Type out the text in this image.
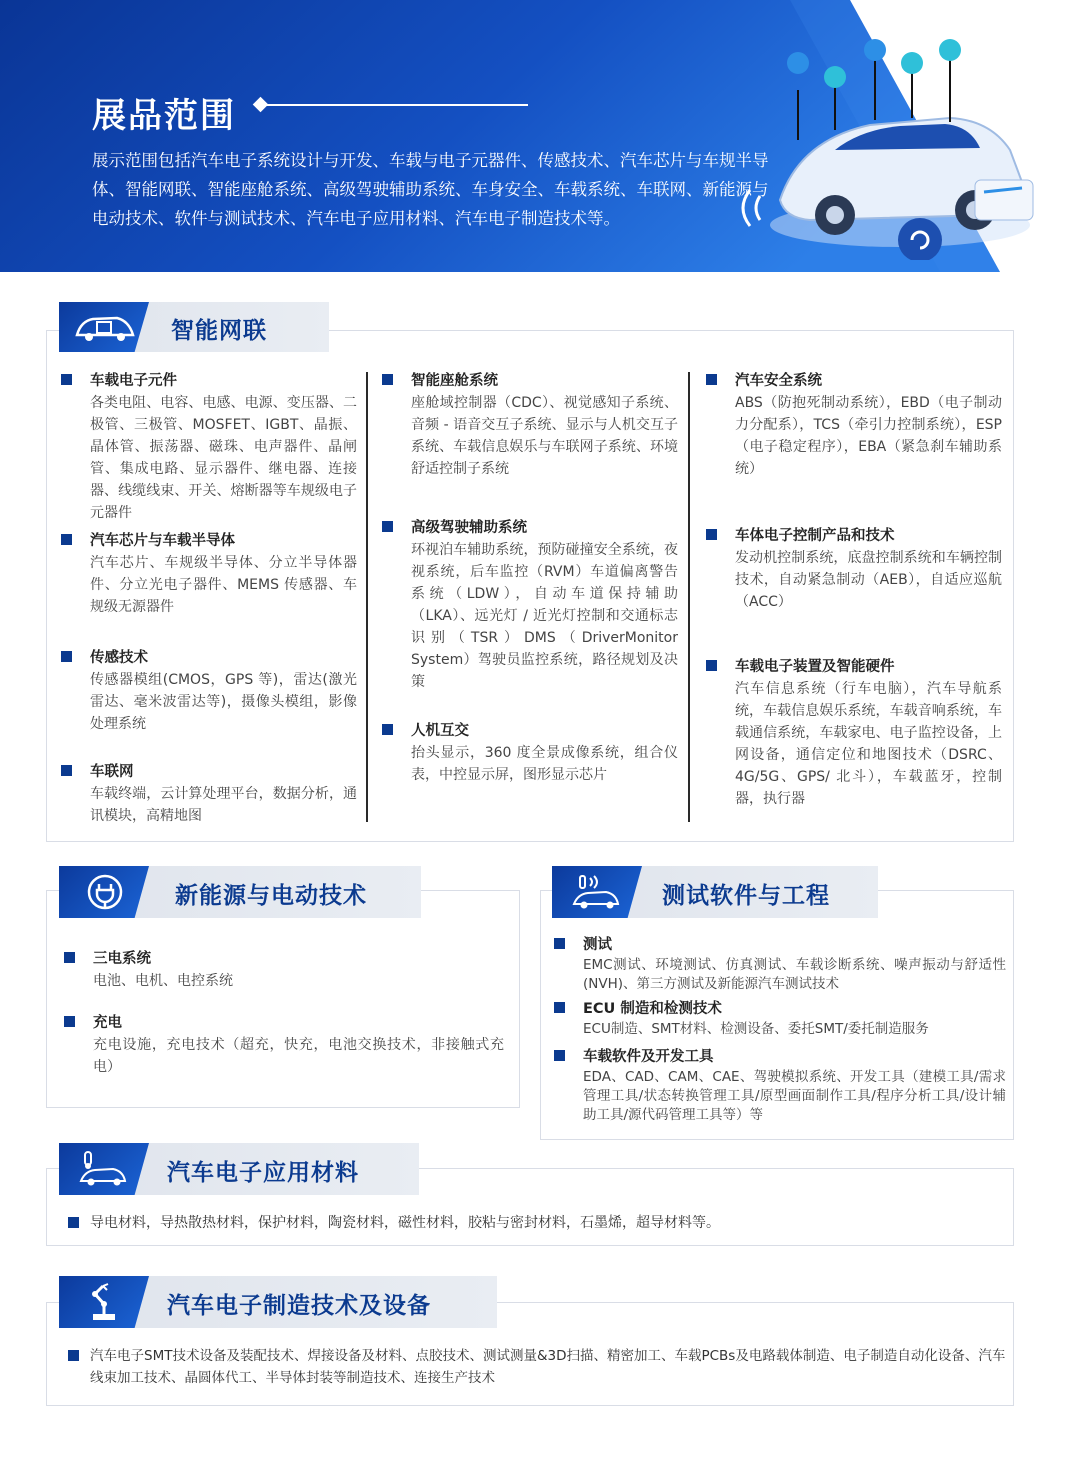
展品范围
展示范围包括汽车电子系统设计与开发、车载与电子元器件、传感技术、汽车芯片与车规半导体、智能网联、智能座舱系统、高级驾驶辅助系统、车身安全、车载系统、车联网、新能源与电动技术、软件与测试技术、汽车电子应用材料、汽车电子制造技术等。
智能网联
车载电子元件
各类电阻、电容、电感、电源、变压器、二极管、三极管、MOSFET、IGBT、晶振、晶体管、振荡器、磁珠、电声器件、晶闸管、集成电路、显示器件、继电器、连接器、线缆线束、开关、熔断器等车规级电子元器件
汽车芯片与车载半导体
汽车芯片、车规级半导体、分立半导体器件、分立光电子器件、MEMS 传感器、车规级无源器件
传感技术
传感器模组(CMOS，GPS 等)，雷达(激光雷达、毫米波雷达等)，摄像头模组，影像处理系统
车联网
车载终端，云计算处理平台，数据分析，通讯模块，高精地图
智能座舱系统
座舱域控制器（CDC）、视觉感知子系统、音频 - 语音交互子系统、显示与人机交互子系统、车载信息娱乐与车联网子系统、环境舒适控制子系统
高级驾驶辅助系统
环视泊车辅助系统，预防碰撞安全系统，夜视系统，后车监控（RVM）车道偏离警告系统（LDW），自动车道保持辅助（LKA）、远光灯 / 近光灯控制和交通标志识别（TSR）DMS（DriverMonitor System）驾驶员监控系统，路径规划及决策
人机互交
抬头显示，360 度全景成像系统，组合仪表，中控显示屏，图形显示芯片
汽车安全系统
ABS（防抱死制动系统），EBD（电子制动力分配系），TCS（牵引力控制系统），ESP（电子稳定程序），EBA（紧急刹车辅助系统）
车体电子控制产品和技术
发动机控制系统，底盘控制系统和车辆控制技术，自动紧急制动（AEB），自适应巡航（ACC）
车载电子装置及智能硬件
汽车信息系统（行车电脑），汽车导航系统，车载信息娱乐系统，车载音响系统，车载通信系统，车载家电、电子监控设备，上网设备，通信定位和地图技术（DSRC、4G/5G、GPS/ 北斗），车载蓝牙，控制器，执行器
新能源与电动技术
三电系统
电池、电机、电控系统
充电
充电设施，充电技术（超充，快充，电池交换技术，非接触式充电）
测试软件与工程
测试
EMC测试、环境测试、仿真测试、车载诊断系统、噪声振动与舒适性(NVH)、第三方测试及新能源汽车测试技术
ECU 制造和检测技术
ECU制造、SMT材料、检测设备、委托SMT/委托制造服务
车载软件及开发工具
EDA、CAD、CAM、CAE、驾驶模拟系统、开发工具（建模工具/需求管理工具/状态转换管理工具/原型画面制作工具/程序分析工具/设计辅助工具/源代码管理工具等）等
汽车电子应用材料
导电材料，导热散热材料，保护材料，陶瓷材料，磁性材料，胶粘与密封材料，石墨烯，超导材料等。
汽车电子制造技术及设备
汽车电子SMT技术设备及装配技术、焊接设备及材料、点胶技术、测试测量&3D扫描、精密加工、车载PCBs及电路载体制造、电子制造自动化设备、汽车线束加工技术、晶圆体代工、半导体封装等制造技术、连接生产技术
